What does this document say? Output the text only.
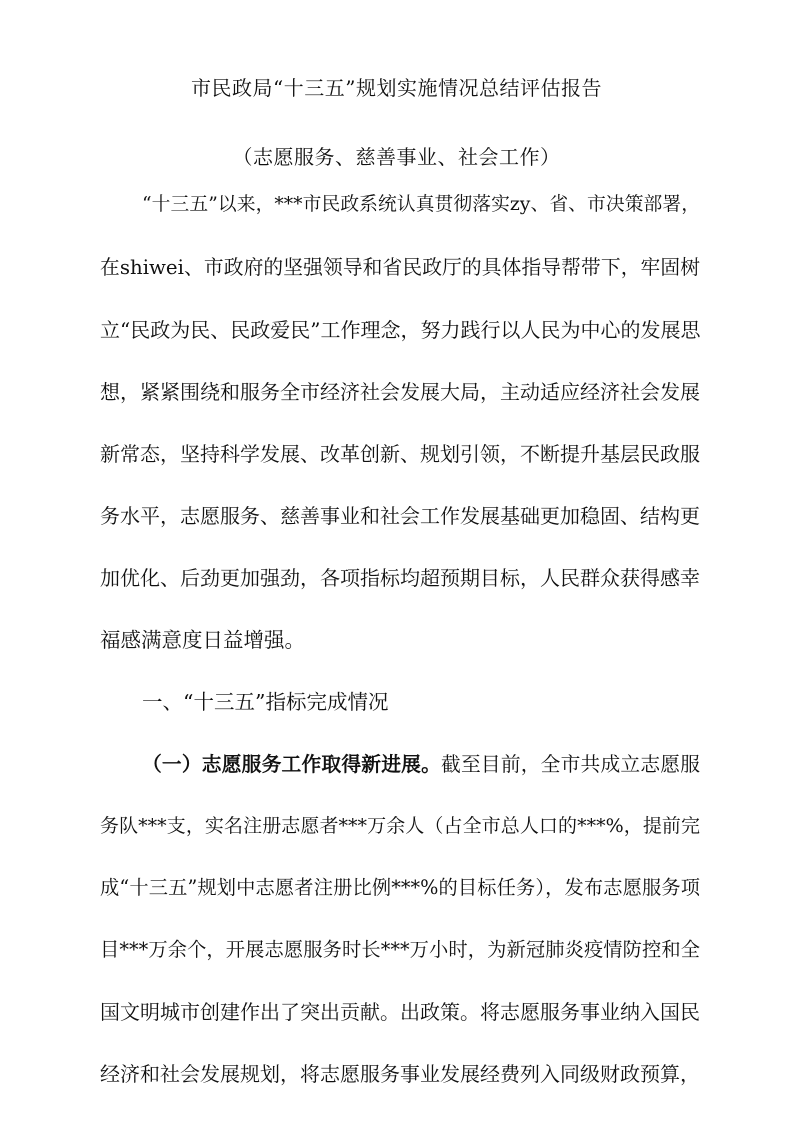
市民政局“十三五”规划实施情况总结评估报告
（志愿服务、慈善事业、社会工作）
“十三五”以来，***市民政系统认真贯彻落实zy、省、市决策部署，
在shiwei、市政府的坚强领导和省民政厅的具体指导帮带下，牢固树
立“民政为民、民政爱民”工作理念，努力践行以人民为中心的发展思
想，紧紧围绕和服务全市经济社会发展大局，主动适应经济社会发展
新常态，坚持科学发展、改革创新、规划引领，不断提升基层民政服
务水平，志愿服务、慈善事业和社会工作发展基础更加稳固、结构更
加优化、后劲更加强劲，各项指标均超预期目标，人民群众获得感幸
福感满意度日益增强。
一、“十三五”指标完成情况
（一）志愿服务工作取得新进展。截至目前，全市共成立志愿服
务队***支，实名注册志愿者***万余人（占全市总人口的***%，提前完
成“十三五”规划中志愿者注册比例***%的目标任务），发布志愿服务项
目***万余个，开展志愿服务时长***万小时，为新冠肺炎疫情防控和全
国文明城市创建作出了突出贡献。出政策。将志愿服务事业纳入国民
经济和社会发展规划，将志愿服务事业发展经费列入同级财政预算，
